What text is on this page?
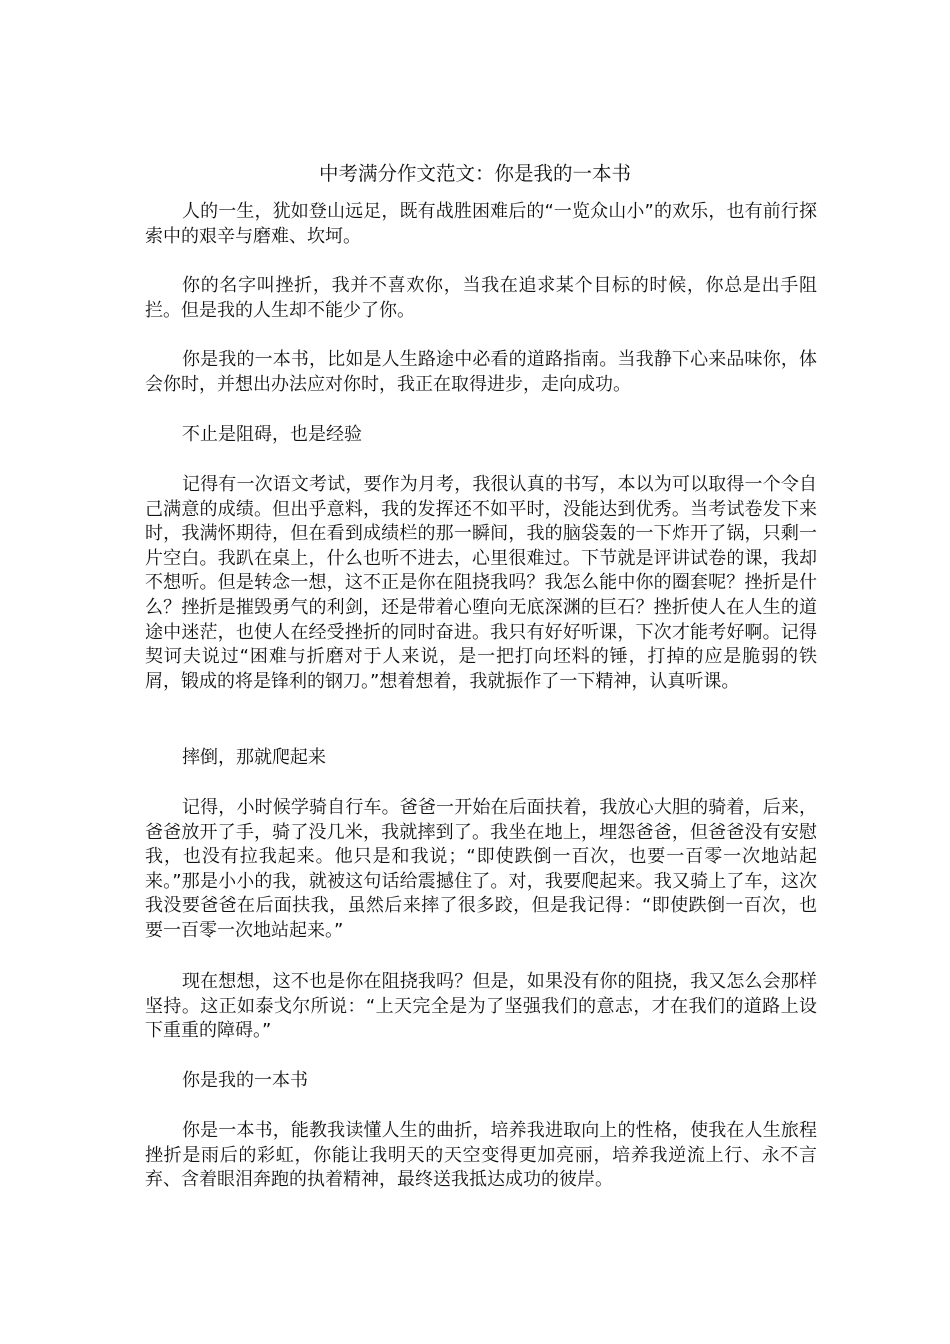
中考满分作文范文：你是我的一本书

人的一生，犹如登山远足，既有战胜困难后的“一览众山小”的欢乐，也有前行探索中的艰辛与磨难、坎坷。

你的名字叫挫折，我并不喜欢你，当我在追求某个目标的时候，你总是出手阻拦。但是我的人生却不能少了你。

你是我的一本书，比如是人生路途中必看的道路指南。当我静下心来品味你，体会你时，并想出办法应对你时，我正在取得进步，走向成功。

不止是阻碍，也是经验

记得有一次语文考试，要作为月考，我很认真的书写，本以为可以取得一个令自己满意的成绩。但出乎意料，我的发挥还不如平时，没能达到优秀。当考试卷发下来时，我满怀期待，但在看到成绩栏的那一瞬间，我的脑袋轰的一下炸开了锅，只剩一片空白。我趴在桌上，什么也听不进去，心里很难过。下节就是评讲试卷的课，我却不想听。但是转念一想，这不正是你在阻挠我吗？我怎么能中你的圈套呢？挫折是什么？挫折是摧毁勇气的利剑，还是带着心堕向无底深渊的巨石？挫折使人在人生的道途中迷茫，也使人在经受挫折的同时奋进。我只有好好听课，下次才能考好啊。记得契诃夫说过“困难与折磨对于人来说，是一把打向坯料的锤，打掉的应是脆弱的铁屑，锻成的将是锋利的钢刀。”想着想着，我就振作了一下精神，认真听课。

摔倒，那就爬起来

记得，小时候学骑自行车。爸爸一开始在后面扶着，我放心大胆的骑着，后来，爸爸放开了手，骑了没几米，我就摔到了。我坐在地上，埋怨爸爸，但爸爸没有安慰我，也没有拉我起来。他只是和我说；“即使跌倒一百次，也要一百零一次地站起来。”那是小小的我，就被这句话给震撼住了。对，我要爬起来。我又骑上了车，这次我没要爸爸在后面扶我，虽然后来摔了很多跤，但是我记得：“即使跌倒一百次，也要一百零一次地站起来。”

现在想想，这不也是你在阻挠我吗？但是，如果没有你的阻挠，我又怎么会那样坚持。这正如泰戈尔所说：“上天完全是为了坚强我们的意志，才在我们的道路上设下重重的障碍。”

你是我的一本书

你是一本书，能教我读懂人生的曲折，培养我进取向上的性格，使我在人生旅程挫折是雨后的彩虹，你能让我明天的天空变得更加亮丽，培养我逆流上行、永不言弃、含着眼泪奔跑的执着精神，最终送我抵达成功的彼岸。
